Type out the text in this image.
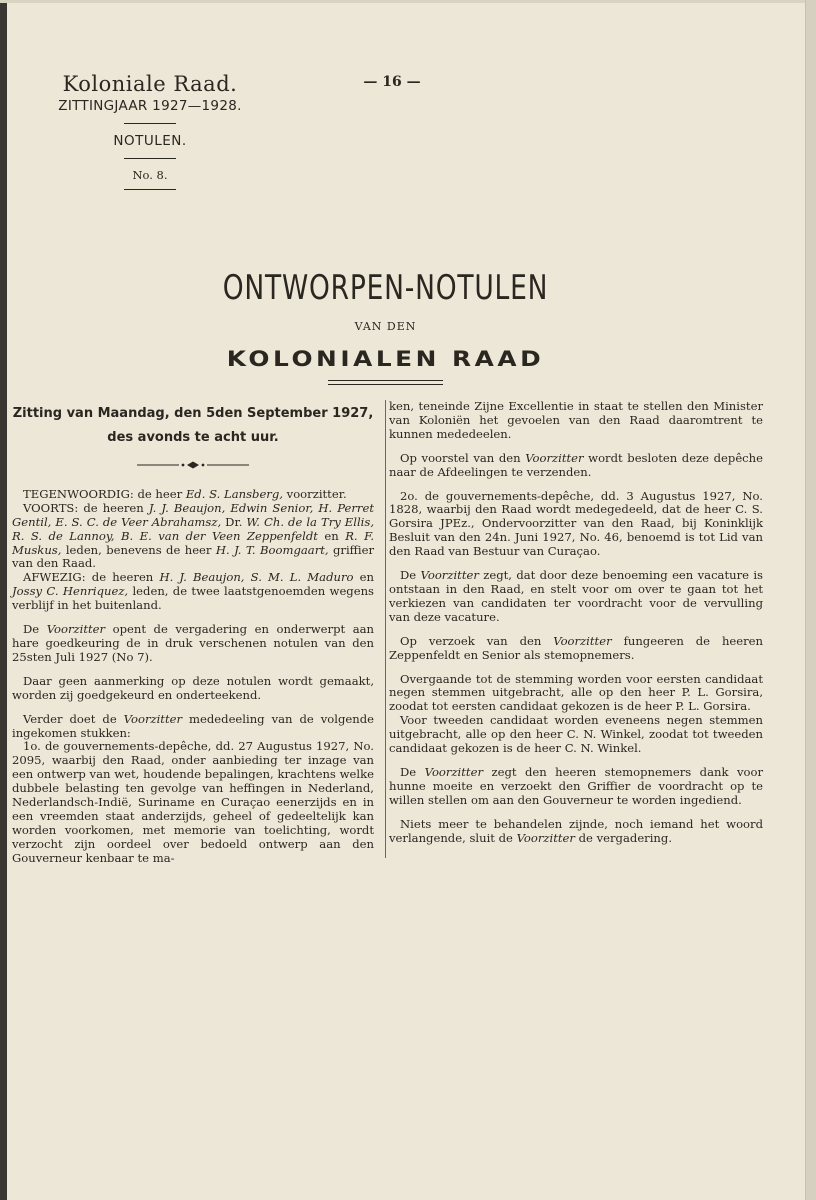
Koloniale Raad.
ZITTINGJAAR 1927—1928.
NOTULEN.
No. 8.
— 16 —
ONTWORPEN-NOTULEN
VAN DEN
KOLONIALEN RAAD
Zitting van Maandag, den 5den September 1927,
des avonds te acht uur.

TEGENWOORDIG: de heer Ed. S. Lansberg, voorzitter.

VOORTS: de heeren J. J. Beaujon, Edwin Senior, H. Perret Gentil, E. S. C. de Veer Abrahamsz, Dr. W. Ch. de la Try Ellis, R. S. de Lannoy, B. E. van der Veen Zeppenfeldt en R. F. Muskus, leden, benevens de heer H. J. T. Boomgaart, griffier van den Raad.

AFWEZIG: de heeren H. J. Beaujon, S. M. L. Maduro en Jossy C. Henriquez, leden, de twee laatstgenoemden wegens verblijf in het buitenland.

De Voorzitter opent de vergadering en onderwerpt aan hare goedkeuring de in druk verschenen notulen van den 25sten Juli 1927 (No 7).

Daar geen aanmerking op deze notulen wordt gemaakt, worden zij goedgekeurd en onderteekend.

Verder doet de Voorzitter mededeeling van de volgende ingekomen stukken:

1o. de gouvernements-depêche, dd. 27 Augustus 1927, No. 2095, waarbij den Raad, onder aanbieding ter inzage van een ontwerp van wet, houdende bepalingen, krachtens welke dubbele belasting ten gevolge van heffingen in Nederland, Nederlandsch-Indië, Suriname en Curaçao eenerzijds en in een vreemden staat anderzijds, geheel of gedeeltelijk kan worden voorkomen, met memorie van toelichting, wordt verzocht zijn oordeel over bedoeld ontwerp aan den Gouverneur kenbaar te ma-

ken, teneinde Zijne Excellentie in staat te stellen den Minister van Koloniën het gevoelen van den Raad daaromtrent te kunnen mededeelen.

Op voorstel van den Voorzitter wordt besloten deze depêche naar de Afdeelingen te verzenden.

2o. de gouvernements-depêche, dd. 3 Augustus 1927, No. 1828, waarbij den Raad wordt medegedeeld, dat de heer C. S. Gorsira JPEz., Ondervoorzitter van den Raad, bij Koninklijk Besluit van den 24n. Juni 1927, No. 46, benoemd is tot Lid van den Raad van Bestuur van Curaçao.

De Voorzitter zegt, dat door deze benoeming een vacature is ontstaan in den Raad, en stelt voor om over te gaan tot het verkiezen van candidaten ter voordracht voor de vervulling van deze vacature.

Op verzoek van den Voorzitter fungeeren de heeren Zeppenfeldt en Senior als stemopnemers.

Overgaande tot de stemming worden voor eersten candidaat negen stemmen uitgebracht, alle op den heer P. L. Gorsira, zoodat tot eersten candidaat gekozen is de heer P. L. Gorsira.

Voor tweeden candidaat worden eveneens negen stemmen uitgebracht, alle op den heer C. N. Winkel, zoodat tot tweeden candidaat gekozen is de heer C. N. Winkel.

De Voorzitter zegt den heeren stemopnemers dank voor hunne moeite en verzoekt den Griffier de voordracht op te willen stellen om aan den Gouverneur te worden ingediend.

Niets meer te behandelen zijnde, noch iemand het woord verlangende, sluit de Voorzitter de vergadering.
